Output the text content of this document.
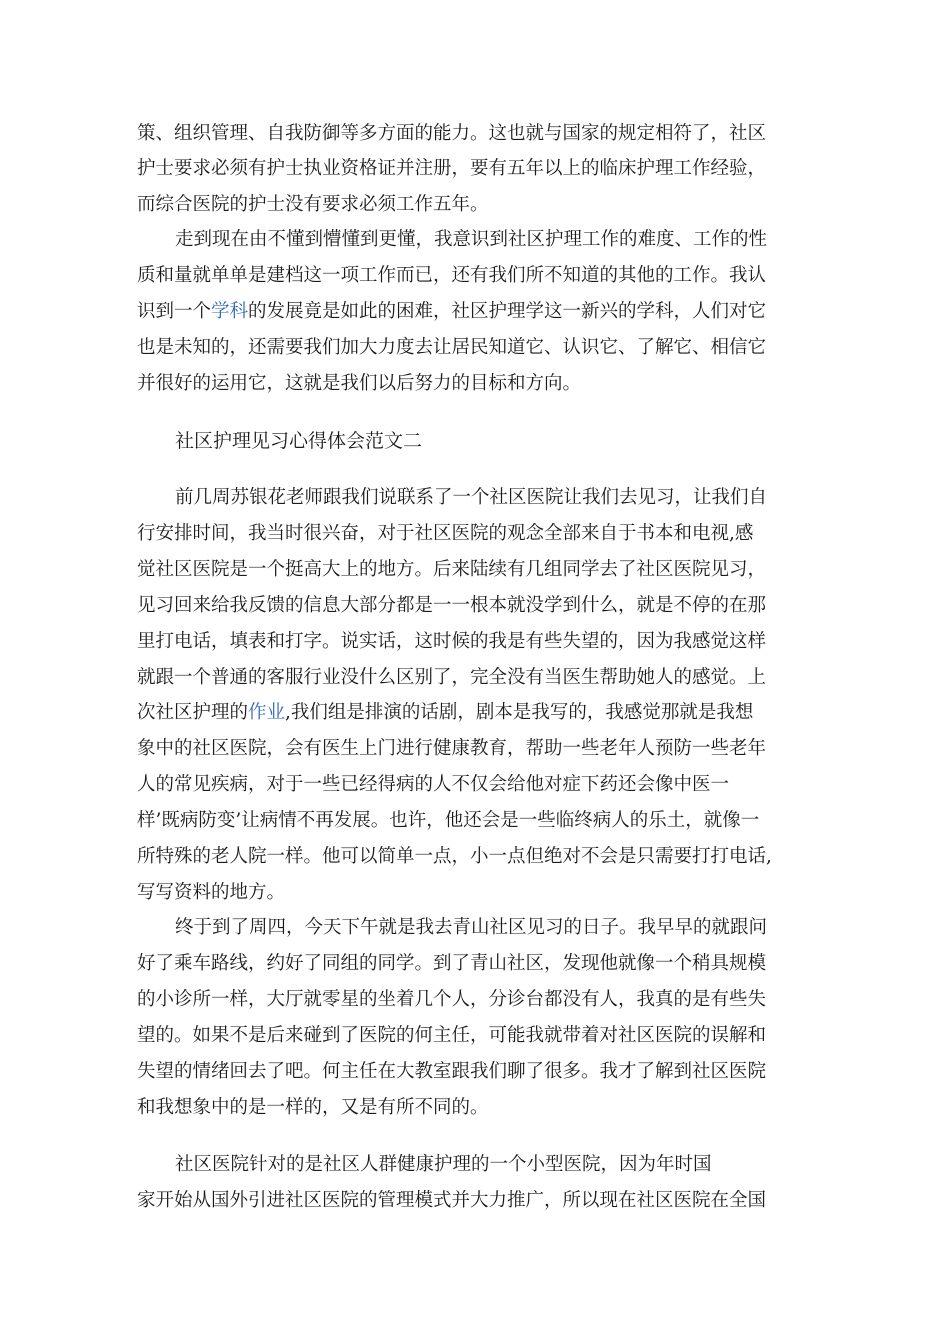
策、组织管理、自我防御等多方面的能力。这也就与国家的规定相符了，社区
护士要求必须有护士执业资格证并注册，要有五年以上的临床护理工作经验，
而综合医院的护士没有要求必须工作五年。
走到现在由不懂到懵懂到更懂，我意识到社区护理工作的难度、工作的性
质和量就单单是建档这一项工作而已，还有我们所不知道的其他的工作。我认
识到一个学科的发展竟是如此的困难，社区护理学这一新兴的学科，人们对它
也是未知的，还需要我们加大力度去让居民知道它、认识它、了解它、相信它
并很好的运用它，这就是我们以后努力的目标和方向。
社区护理见习心得体会范文二
前几周苏银花老师跟我们说联系了一个社区医院让我们去见习，让我们自
行安排时间，我当时很兴奋，对于社区医院的观念全部来自于书本和电视,感
觉社区医院是一个挺高大上的地方。后来陆续有几组同学去了社区医院见习，
见习回来给我反馈的信息大部分都是一一根本就没学到什么，就是不停的在那
里打电话，填表和打字。说实话，这时候的我是有些失望的，因为我感觉这样
就跟一个普通的客服行业没什么区别了，完全没有当医生帮助她人的感觉。上
次社区护理的作业,我们组是排演的话剧，剧本是我写的，我感觉那就是我想
象中的社区医院，会有医生上门进行健康教育，帮助一些老年人预防一些老年
人的常见疾病，对于一些已经得病的人不仅会给他对症下药还会像中医一
样’既病防变’让病情不再发展。也许，他还会是一些临终病人的乐土，就像一
所特殊的老人院一样。他可以简单一点，小一点但绝对不会是只需要打打电话,
写写资料的地方。
终于到了周四，今天下午就是我去青山社区见习的日子。我早早的就跟问
好了乘车路线，约好了同组的同学。到了青山社区，发现他就像一个稍具规模
的小诊所一样，大厅就零星的坐着几个人，分诊台都没有人，我真的是有些失
望的。如果不是后来碰到了医院的何主任，可能我就带着对社区医院的误解和
失望的情绪回去了吧。何主任在大教室跟我们聊了很多。我才了解到社区医院
和我想象中的是一样的，又是有所不同的。
社区医院针对的是社区人群健康护理的一个小型医院，因为年时国
家开始从国外引进社区医院的管理模式并大力推广，所以现在社区医院在全国
